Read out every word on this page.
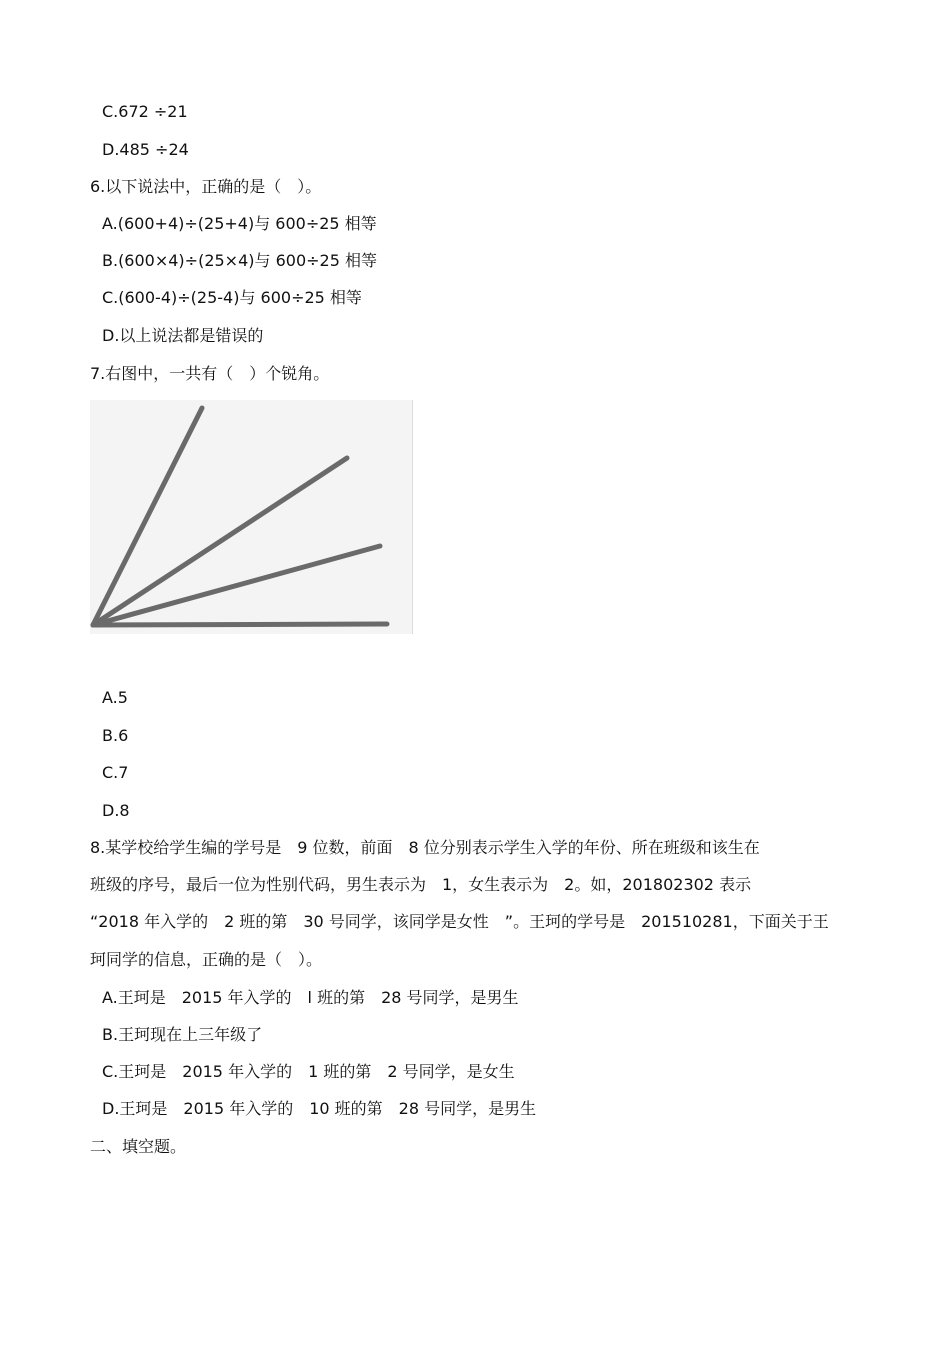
C.672 ÷21
D.485 ÷24
6.以下说法中，正确的是（　）。
A.(600+4)÷(25+4)与 600÷25 相等
B.(600×4)÷(25×4)与 600÷25 相等
C.(600-4)÷(25-4)与 600÷25 相等
D.以上说法都是错误的
7.右图中，一共有（　）个锐角。
A.5
B.6
C.7
D.8
8.某学校给学生编的学号是　9 位数，前面　8 位分别表示学生入学的年份、所在班级和该生在
班级的序号，最后一位为性别代码，男生表示为　1，女生表示为　2。如，201802302 表示
“2018 年入学的　2 班的第　30 号同学，该同学是女性　”。王珂的学号是　201510281，下面关于王
珂同学的信息，正确的是（　）。
A.王珂是　2015 年入学的　l 班的第　28 号同学，是男生
B.王珂现在上三年级了
C.王珂是　2015 年入学的　1 班的第　2 号同学，是女生
D.王珂是　2015 年入学的　10 班的第　28 号同学，是男生
二、填空题。
